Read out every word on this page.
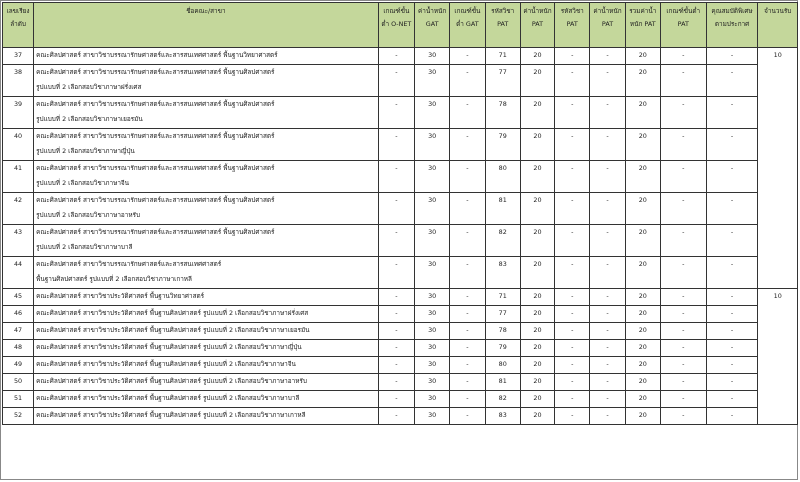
เลขเรียงลำดับ	ชื่อคณะ/สาขา	เกณฑ์ขั้นต่ำ O-NET	ค่าน้ำหนัก GAT	เกณฑ์ขั้นต่ำ GAT	รหัสวิชา PAT	ค่าน้ำหนัก PAT	รหัสวิชา PAT	ค่าน้ำหนัก PAT	รวมค่าน้ำหนัก PAT	เกณฑ์ขั้นต่ำ PAT	คุณสมบัติพิเศษตามประกาศ	จำนวนรับ
37	คณะศิลปศาสตร์ สาขาวิชาบรรณารักษศาสตร์และสารสนเทศศาสตร์ พื้นฐานวิทยาศาสตร์	-	30	-	71	20	-	-	20	-	-	10
38	คณะศิลปศาสตร์ สาขาวิชาบรรณารักษศาสตร์และสารสนเทศศาสตร์ พื้นฐานศิลปศาสตร์
รูปแบบที่ 2 เลือกสอบวิชาภาษาฝรั่งเศส	-	30	-	77	20	-	-	20	-	-	
39	คณะศิลปศาสตร์ สาขาวิชาบรรณารักษศาสตร์และสารสนเทศศาสตร์ พื้นฐานศิลปศาสตร์
รูปแบบที่ 2 เลือกสอบวิชาภาษาเยอรมัน	-	30	-	78	20	-	-	20	-	-	
40	คณะศิลปศาสตร์ สาขาวิชาบรรณารักษศาสตร์และสารสนเทศศาสตร์ พื้นฐานศิลปศาสตร์
รูปแบบที่ 2 เลือกสอบวิชาภาษาญี่ปุ่น	-	30	-	79	20	-	-	20	-	-	
41	คณะศิลปศาสตร์ สาขาวิชาบรรณารักษศาสตร์และสารสนเทศศาสตร์ พื้นฐานศิลปศาสตร์
รูปแบบที่ 2 เลือกสอบวิชาภาษาจีน	-	30	-	80	20	-	-	20	-	-	
42	คณะศิลปศาสตร์ สาขาวิชาบรรณารักษศาสตร์และสารสนเทศศาสตร์ พื้นฐานศิลปศาสตร์
รูปแบบที่ 2 เลือกสอบวิชาภาษาอาหรับ	-	30	-	81	20	-	-	20	-	-	
43	คณะศิลปศาสตร์ สาขาวิชาบรรณารักษศาสตร์และสารสนเทศศาสตร์ พื้นฐานศิลปศาสตร์
รูปแบบที่ 2 เลือกสอบวิชาภาษาบาลี	-	30	-	82	20	-	-	20	-	-	
44	คณะศิลปศาสตร์ สาขาวิชาบรรณารักษศาสตร์และสารสนเทศศาสตร์
พื้นฐานศิลปศาสตร์ รูปแบบที่ 2 เลือกสอบวิชาภาษาเกาหลี	-	30	-	83	20	-	-	20	-	-	
45	คณะศิลปศาสตร์ สาขาวิชาประวัติศาสตร์ พื้นฐานวิทยาศาสตร์	-	30	-	71	20	-	-	20	-	-	10
46	คณะศิลปศาสตร์ สาขาวิชาประวัติศาสตร์ พื้นฐานศิลปศาสตร์ รูปแบบที่ 2 เลือกสอบวิชาภาษาฝรั่งเศส	-	30	-	77	20	-	-	20	-	-	
47	คณะศิลปศาสตร์ สาขาวิชาประวัติศาสตร์ พื้นฐานศิลปศาสตร์ รูปแบบที่ 2 เลือกสอบวิชาภาษาเยอรมัน	-	30	-	78	20	-	-	20	-	-	
48	คณะศิลปศาสตร์ สาขาวิชาประวัติศาสตร์ พื้นฐานศิลปศาสตร์ รูปแบบที่ 2 เลือกสอบวิชาภาษาญี่ปุ่น	-	30	-	79	20	-	-	20	-	-	
49	คณะศิลปศาสตร์ สาขาวิชาประวัติศาสตร์ พื้นฐานศิลปศาสตร์ รูปแบบที่ 2 เลือกสอบวิชาภาษาจีน	-	30	-	80	20	-	-	20	-	-	
50	คณะศิลปศาสตร์ สาขาวิชาประวัติศาสตร์ พื้นฐานศิลปศาสตร์ รูปแบบที่ 2 เลือกสอบวิชาภาษาอาหรับ	-	30	-	81	20	-	-	20	-	-	
51	คณะศิลปศาสตร์ สาขาวิชาประวัติศาสตร์ พื้นฐานศิลปศาสตร์ รูปแบบที่ 2 เลือกสอบวิชาภาษาบาลี	-	30	-	82	20	-	-	20	-	-	
52	คณะศิลปศาสตร์ สาขาวิชาประวัติศาสตร์ พื้นฐานศิลปศาสตร์ รูปแบบที่ 2 เลือกสอบวิชาภาษาเกาหลี	-	30	-	83	20	-	-	20	-	-	
